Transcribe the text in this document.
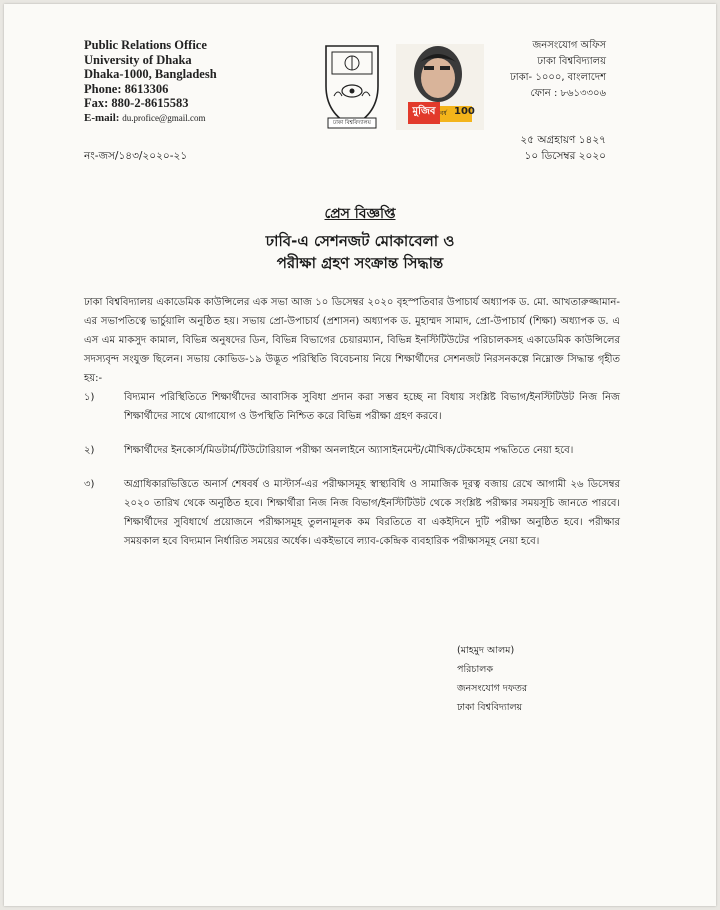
Public Relations Office
University of Dhaka
Dhaka-1000, Bangladesh
Phone: 8613306
Fax: 880-2-8615583
E-mail: du.profice@gmail.com
ঢাকা বিশ্ববিদ্যালয়
মুজিব বর্ষ 100
জনসংযোগ অফিস
ঢাকা বিশ্ববিদ্যালয়
ঢাকা- ১০০০, বাংলাদেশ
ফোন : ৮৬১৩৩০৬
২৫ অগ্রহায়ণ ১৪২৭
১০ ডিসেম্বর ২০২০
নং-জস/১৪৩/২০২০-২১
প্রেস বিজ্ঞপ্তি
ঢাবি-এ সেশনজট মোকাবেলা ও
পরীক্ষা গ্রহণ সংক্রান্ত সিদ্ধান্ত
ঢাকা বিশ্ববিদ্যালয় একাডেমিক কাউন্সিলের এক সভা আজ ১০ ডিসেম্বর ২০২০ বৃহস্পতিবার উপাচার্য অধ্যাপক ড. মো. আখতারুজ্জামান-এর সভাপতিত্বে ভার্চুয়ালি অনুষ্ঠিত হয়। সভায় প্রো-উপাচার্য (প্রশাসন) অধ্যাপক ড. মুহাম্মদ সামাদ, প্রো-উপাচার্য (শিক্ষা) অধ্যাপক ড. এ এস এম মাকসুদ কামাল, বিভিন্ন অনুষদের ডিন, বিভিন্ন বিভাগের চেয়ারম্যান, বিভিন্ন ইনস্টিটিউটের পরিচালকসহ একাডেমিক কাউন্সিলের সদস্যবৃন্দ সংযুক্ত ছিলেন। সভায় কোভিড-১৯ উদ্ভূত পরিস্থিতি বিবেচনায় নিয়ে শিক্ষার্থীদের সেশনজট নিরসনকল্পে নিম্নোক্ত সিদ্ধান্ত গৃহীত হয়:-
১)	বিদ্যমান পরিস্থিতিতে শিক্ষার্থীদের আবাসিক সুবিধা প্রদান করা সম্ভব হচ্ছে না বিধায় সংশ্লিষ্ট বিভাগ/ইনস্টিটিউট নিজ নিজ শিক্ষার্থীদের সাথে যোগাযোগ ও উপস্থিতি নিশ্চিত করে বিভিন্ন পরীক্ষা গ্রহণ করবে।
২)	শিক্ষার্থীদের ইনকোর্স/মিডটার্ম/টিউটোরিয়াল পরীক্ষা অনলাইনে অ্যাসাইনমেন্ট/মৌখিক/টেকহোম পদ্ধতিতে নেয়া হবে।
৩)	অগ্রাধিকারভিত্তিতে অনার্স শেষবর্ষ ও মাস্টার্স-এর পরীক্ষাসমূহ স্বাস্থ্যবিধি ও সামাজিক দূরত্ব বজায় রেখে আগামী ২৬ ডিসেম্বর ২০২০ তারিখ থেকে অনুষ্ঠিত হবে। শিক্ষার্থীরা নিজ নিজ বিভাগ/ইনস্টিটিউট থেকে সংশ্লিষ্ট পরীক্ষার সময়সূচি জানতে পারবে। শিক্ষার্থীদের সুবিধার্থে প্রয়োজনে পরীক্ষাসমূহ তুলনামূলক কম বিরতিতে বা একইদিনে দুটি পরীক্ষা অনুষ্ঠিত হবে। পরীক্ষার সময়কাল হবে বিদ্যমান নির্ধারিত সময়ের অর্ধেক। একইভাবে ল্যাব-কেন্দ্রিক ব্যবহারিক পরীক্ষাসমূহ নেয়া হবে।
(মাহমুদ আলম)
পরিচালক
জনসংযোগ দফতর
ঢাকা বিশ্ববিদ্যালয়
